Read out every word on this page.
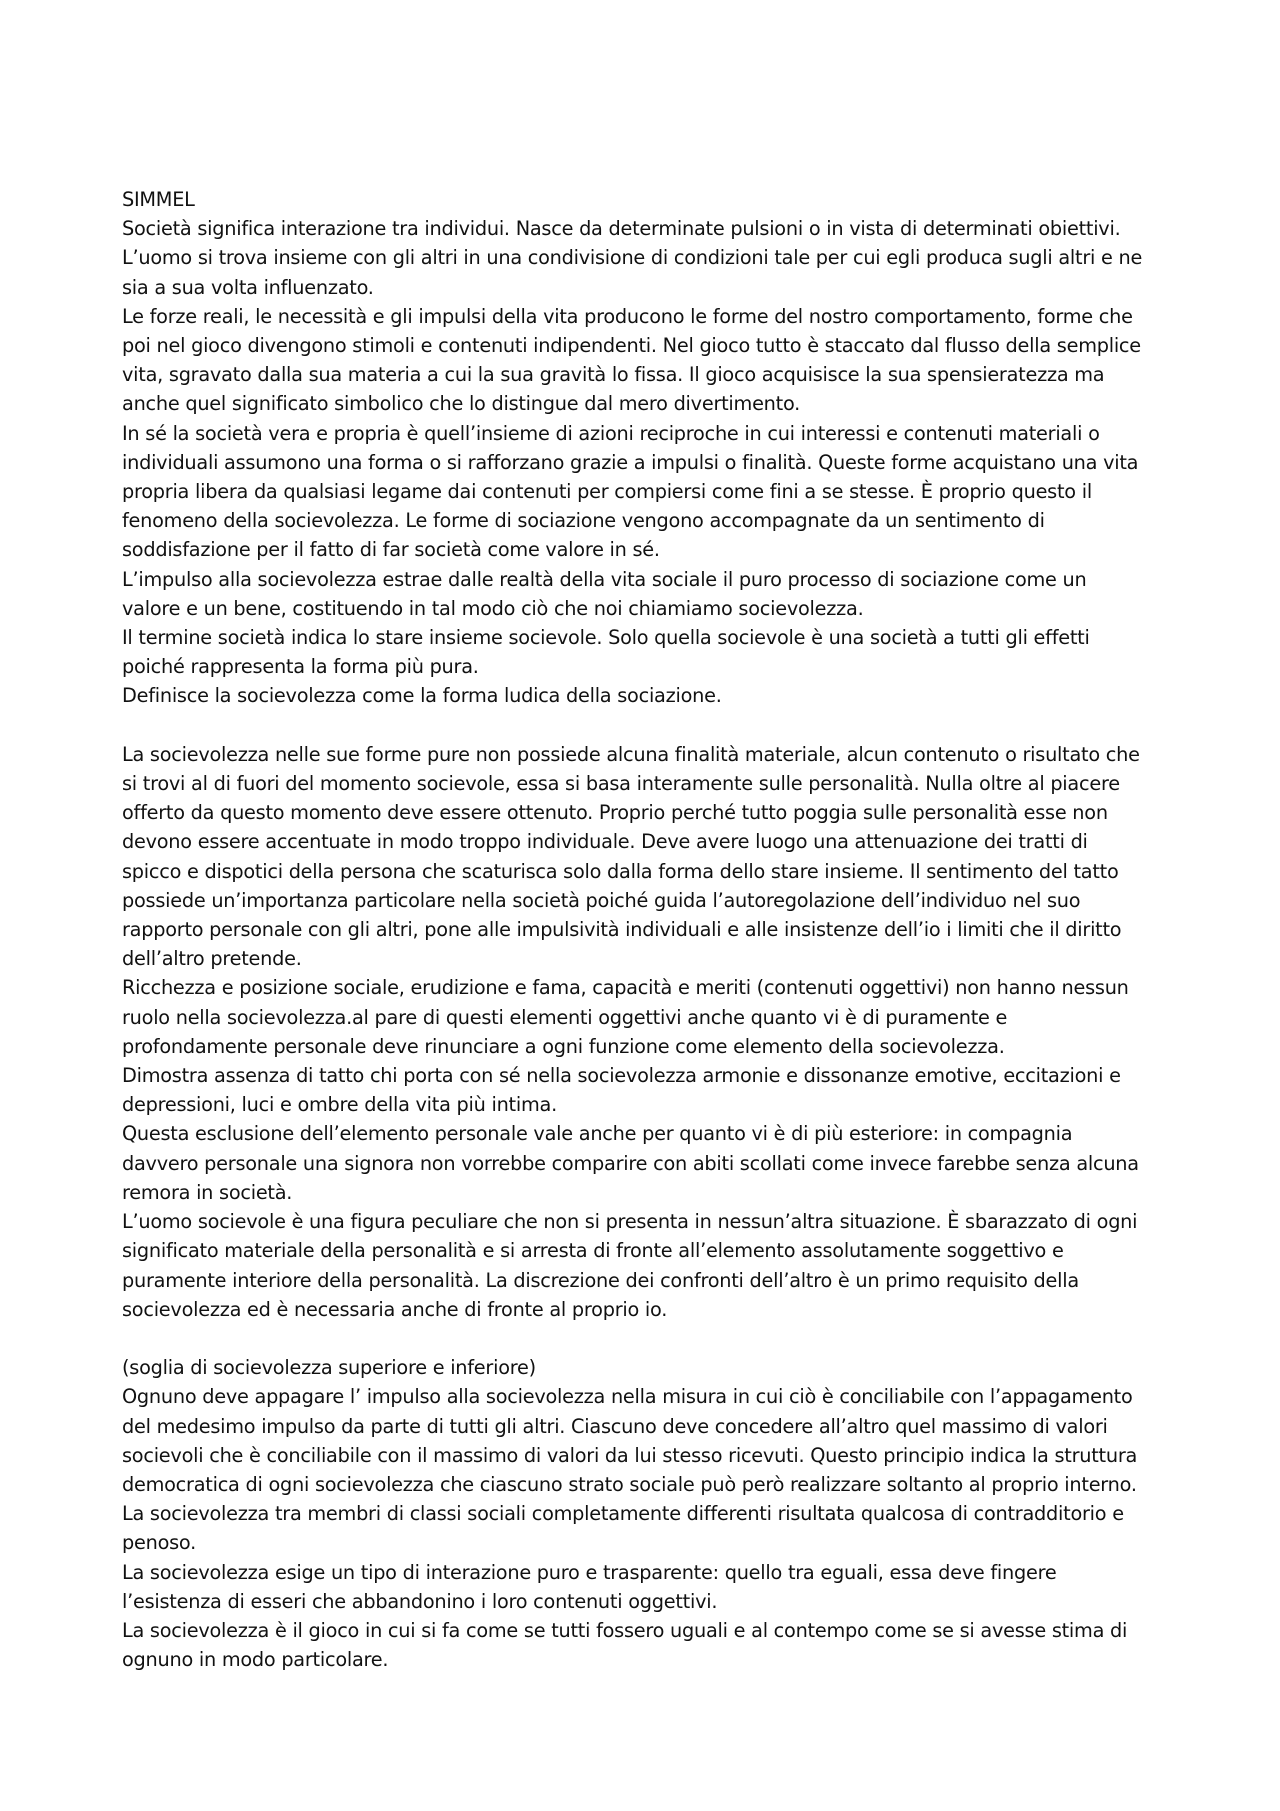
SIMMEL

Società significa interazione tra individui. Nasce da determinate pulsioni o in vista di determinati obiettivi.

L’uomo si trova insieme con gli altri in una condivisione di condizioni tale per cui egli produca sugli altri e ne

sia a sua volta influenzato.

Le forze reali, le necessità e gli impulsi della vita producono le forme del nostro comportamento, forme che

poi nel gioco divengono stimoli e contenuti indipendenti. Nel gioco tutto è staccato dal flusso della semplice

vita, sgravato dalla sua materia a cui la sua gravità lo fissa. Il gioco acquisisce la sua spensieratezza ma

anche quel significato simbolico che lo distingue dal mero divertimento.

In sé la società vera e propria è quell’insieme di azioni reciproche in cui interessi e contenuti materiali o

individuali assumono una forma o si rafforzano grazie a impulsi o finalità. Queste forme acquistano una vita

propria libera da qualsiasi legame dai contenuti per compiersi come fini a se stesse. È proprio questo il

fenomeno della socievolezza. Le forme di sociazione vengono accompagnate da un sentimento di

soddisfazione per il fatto di far società come valore in sé.

L’impulso alla socievolezza estrae dalle realtà della vita sociale il puro processo di sociazione come un

valore e un bene, costituendo in tal modo ciò che noi chiamiamo socievolezza.

Il termine società indica lo stare insieme socievole. Solo quella socievole è una società a tutti gli effetti

poiché rappresenta la forma più pura.

Definisce la socievolezza come la forma ludica della sociazione.

La socievolezza nelle sue forme pure non possiede alcuna finalità materiale, alcun contenuto o risultato che

si trovi al di fuori del momento socievole, essa si basa interamente sulle personalità. Nulla oltre al piacere

offerto da questo momento deve essere ottenuto. Proprio perché tutto poggia sulle personalità esse non

devono essere accentuate in modo troppo individuale. Deve avere luogo una attenuazione dei tratti di

spicco e dispotici della persona che scaturisca solo dalla forma dello stare insieme. Il sentimento del tatto

possiede un’importanza particolare nella società poiché guida l’autoregolazione dell’individuo nel suo

rapporto personale con gli altri, pone alle impulsività individuali e alle insistenze dell’io i limiti che il diritto

dell’altro pretende.

Ricchezza e posizione sociale, erudizione e fama, capacità e meriti (contenuti oggettivi) non hanno nessun

ruolo nella socievolezza.al pare di questi elementi oggettivi anche quanto vi è di puramente e

profondamente personale deve rinunciare a ogni funzione come elemento della socievolezza.

Dimostra assenza di tatto chi porta con sé nella socievolezza armonie e dissonanze emotive, eccitazioni e

depressioni, luci e ombre della vita più intima.

Questa esclusione dell’elemento personale vale anche per quanto vi è di più esteriore: in compagnia

davvero personale una signora non vorrebbe comparire con abiti scollati come invece farebbe senza alcuna

remora in società.

L’uomo socievole è una figura peculiare che non si presenta in nessun’altra situazione. È sbarazzato di ogni

significato materiale della personalità e si arresta di fronte all’elemento assolutamente soggettivo e

puramente interiore della personalità. La discrezione dei confronti dell’altro è un primo requisito della

socievolezza ed è necessaria anche di fronte al proprio io.

(soglia di socievolezza superiore e inferiore)

Ognuno deve appagare l’ impulso alla socievolezza nella misura in cui ciò è conciliabile con l’appagamento

del medesimo impulso da parte di tutti gli altri. Ciascuno deve concedere all’altro quel massimo di valori

socievoli che è conciliabile con il massimo di valori da lui stesso ricevuti. Questo principio indica la struttura

democratica di ogni socievolezza che ciascuno strato sociale può però realizzare soltanto al proprio interno.

La socievolezza tra membri di classi sociali completamente differenti risultata qualcosa di contradditorio e

penoso.

La socievolezza esige un tipo di interazione puro e trasparente: quello tra eguali, essa deve fingere

l’esistenza di esseri che abbandonino i loro contenuti oggettivi.

La socievolezza è il gioco in cui si fa come se tutti fossero uguali e al contempo come se si avesse stima di

ognuno in modo particolare.
